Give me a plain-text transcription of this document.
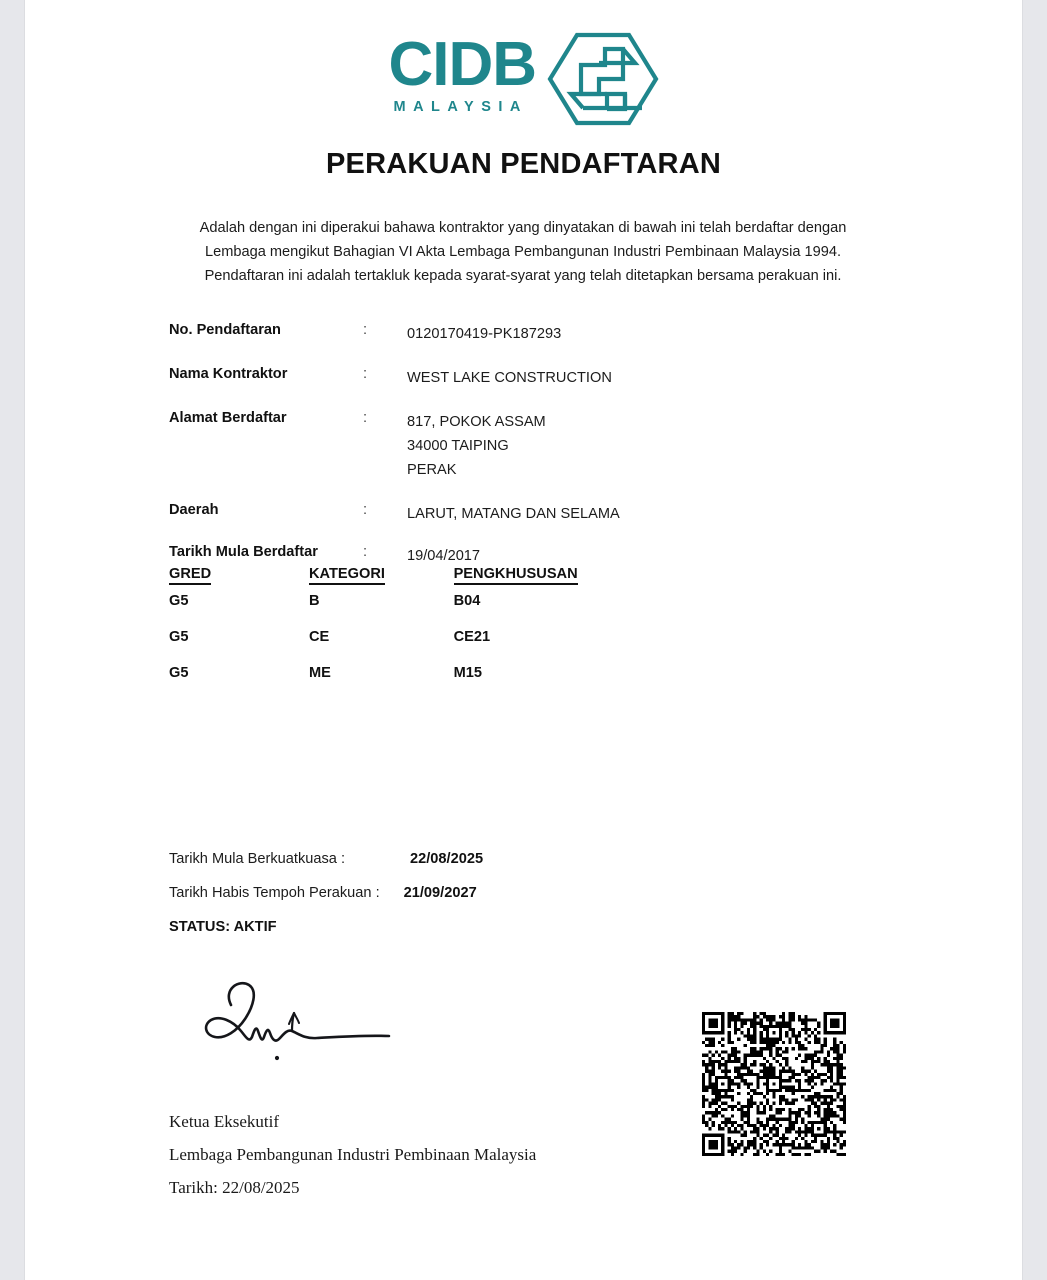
CIDB
MALAYSIA
PERAKUAN PENDAFTARAN
Adalah dengan ini diperakui bahawa kontraktor yang dinyatakan di bawah ini telah berdaftar dengan
Lembaga mengikut Bahagian VI Akta Lembaga Pembangunan Industri Pembinaan Malaysia 1994.
Pendaftaran ini adalah tertakluk kepada syarat-syarat yang telah ditetapkan bersama perakuan ini.
No. Pendaftaran	:	0120170419-PK187293
Nama Kontraktor	:	WEST LAKE CONSTRUCTION
Alamat Berdaftar	:	817, POKOK ASSAM
34000 TAIPING
PERAK
Daerah	:	LARUT, MATANG DAN SELAMA
Tarikh Mula Berdaftar	:	19/04/2017
GRED	KATEGORI	PENGKHUSUSAN
G5	B	B04
G5	CE	CE21
G5	ME	M15
Tarikh Mula Berkuatkuasa :	22/08/2025
Tarikh Habis Tempoh Perakuan : 21/09/2027
STATUS: AKTIF
Ketua Eksekutif
Lembaga Pembangunan Industri Pembinaan Malaysia
Tarikh: 22/08/2025
